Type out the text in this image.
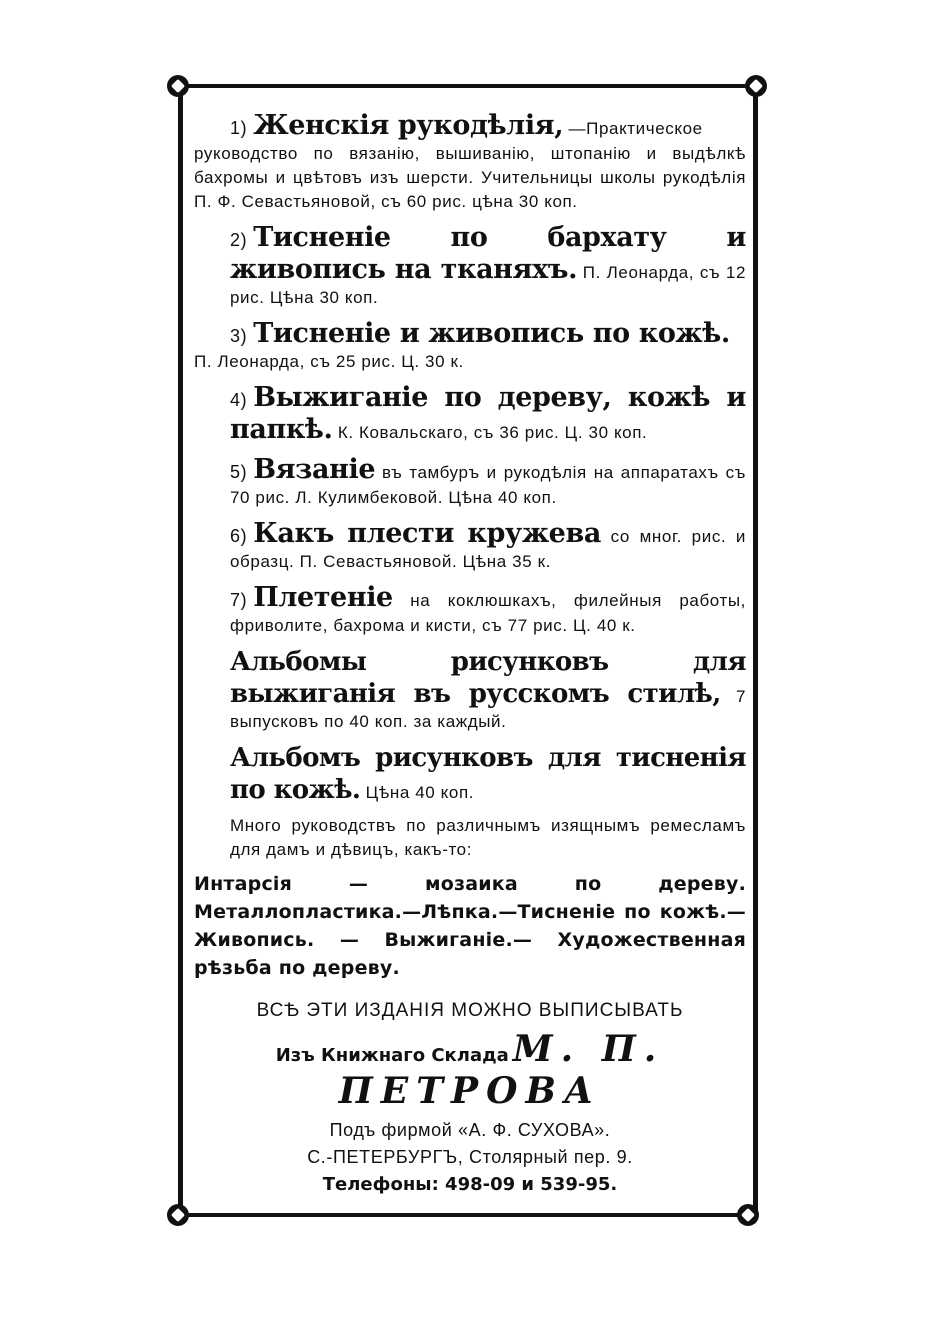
1) Женскія рукодѣлія, —Практическое

руководство по вязанію, вышиванію, штопанію и выдѣлкѣ бахромы и цвѣтовъ изъ шерсти. Учительницы школы рукодѣлія П. Ф. Севастьяновой, съ 60 рис. цѣна 30 коп.

2) Тисненіе по бархату и живопись на тканяхъ. П. Леонарда, съ 12 рис. Цѣна 30 коп.

3) Тисненіе и живопись по кожѣ.

П. Леонарда, съ 25 рис. Ц. 30 к.

4) Выжиганіе по дереву, кожѣ и папкѣ. К. Ковальскаго, съ 36 рис. Ц. 30 коп.

5) Вязаніе въ тамбуръ и рукодѣлія на аппаратахъ съ 70 рис. Л. Кулимбековой. Цѣна 40 коп.

6) Какъ плести кружева со мног. рис. и образц. П. Севастьяновой. Цѣна 35 к.

7) Плетеніе на коклюшкахъ, филейныя работы, фриволите, бахрома и кисти, съ 77 рис. Ц. 40 к.

Альбомы рисунковъ для выжиганія въ русскомъ стилѣ, 7 выпусковъ по 40 коп. за каждый.

Альбомъ рисунковъ для тисненія по кожѣ. Цѣна 40 коп.

Много руководствъ по различнымъ изящнымъ ремесламъ для дамъ и дѣвицъ, какъ-то:

Интарсія — мозаика по дереву. Металлопластика.—Лѣпка.—Тисненіе по кожѣ.—Живопись. — Выжиганіе.— Художественная рѣзьба по дереву.

ВСѢ ЭТИ ИЗДАНІЯ МОЖНО ВЫПИСЫВАТЬ

Изъ Книжнаго Склада М. П. ПЕТРОВА

Подъ фирмой «А. Ф. СУХОВА».

С.-ПЕТЕРБУРГЪ, Столярный пер. 9.

Телефоны: 498-09 и 539-95.
